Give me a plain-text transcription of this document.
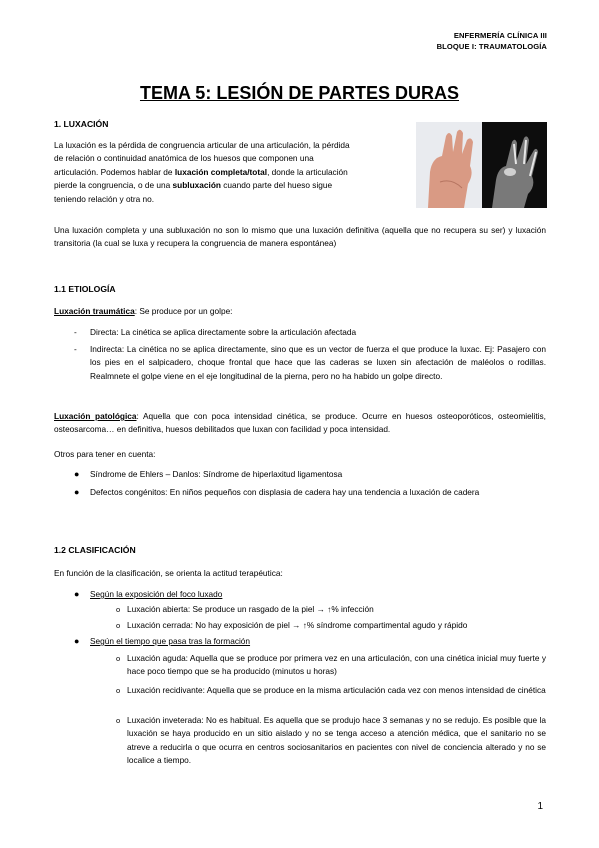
ENFERMERÍA CLÍNICA III
BLOQUE I: TRAUMATOLOGÍA
TEMA 5: LESIÓN DE PARTES DURAS
1. LUXACIÓN
La luxación es la pérdida de congruencia articular de una articulación, la pérdida
de relación o continuidad anatómica de los huesos que componen una
articulación. Podemos hablar de luxación completa/total, donde la articulación
pierde la congruencia, o de una subluxación cuando parte del hueso sigue
teniendo relación y otra no.
Una luxación completa y una subluxación no son lo mismo que una luxación definitiva (aquella que no recupera su ser) y luxación transitoria (la cual se luxa y recupera la congruencia de manera espontánea)
1.1 ETIOLOGÍA
Luxación traumática: Se produce por un golpe:
- Directa: La cinética se aplica directamente sobre la articulación afectada
- Indirecta: La cinética no se aplica directamente, sino que es un vector de fuerza el que produce la luxac. Ej: Pasajero con los pies en el salpicadero, choque frontal que hace que las caderas se luxen sin afectación de maléolos o rodillas. Realmnete el golpe viene en el eje longitudinal de la pierna, pero no ha habido un golpe directo.
Luxación patológica: Aquella que con poca intensidad cinética, se produce. Ocurre en huesos osteoporóticos, osteomielitis, osteosarcoma… en definitiva, huesos debilitados que luxan con facilidad y poca intensidad.
Otros para tener en cuenta:
● Síndrome de Ehlers – Danlos: Síndrome de hiperlaxitud ligamentosa
● Defectos congénitos: En niños pequeños con displasia de cadera hay una tendencia a luxación de cadera
1.2 CLASIFICACIÓN
En función de la clasificación, se orienta la actitud terapéutica:
● Según la exposición del foco luxado
o Luxación abierta: Se produce un rasgado de la piel → ↑% infección
o Luxación cerrada: No hay exposición de piel → ↑% síndrome compartimental agudo y rápido
● Según el tiempo que pasa tras la formación
o Luxación aguda: Aquella que se produce por primera vez en una articulación, con una cinética inicial muy fuerte y hace poco tiempo que se ha producido (minutos u horas)
o Luxación recidivante: Aquella que se produce en la misma articulación cada vez con menos intensidad de cinética
o Luxación inveterada: No es habitual. Es aquella que se produjo hace 3 semanas y no se redujo. Es posible que la luxación se haya producido en un sitio aislado y no se tenga acceso a atención médica, que el sanitario no se atreve a reducirla o que ocurra en centros sociosanitarios en pacientes con nivel de conciencia alterado y no se localice a tiempo.
1
